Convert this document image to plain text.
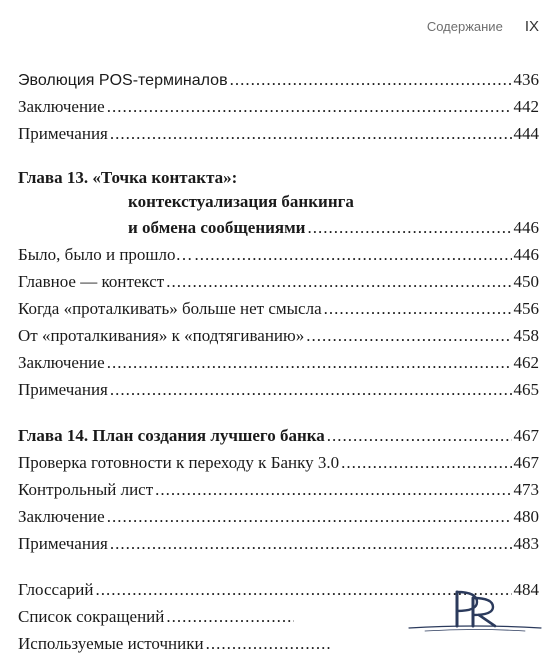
Содержание IX
Эволюция POS-терминалов .....	436
Заключение .....	442
Примечания .....	444
Глава 13. «Точка контакта»:
контекстуализация банкинга
и обмена сообщениями .....	446
Было, было и прошло… .....	446
Главное — контекст .....	450
Когда «проталкивать» больше нет смысла .....	456
От «проталкивания» к «подтягиванию» .....	458
Заключение .....	462
Примечания .....	465
Глава 14. План создания лучшего банка .....	467
Проверка готовности к переходу к Банку 3.0 .....	467
Контрольный лист .....	473
Заключение .....	480
Примечания .....	483
Глоссарий .....	484
Список сокращений
.....
Используемые источники
.....
